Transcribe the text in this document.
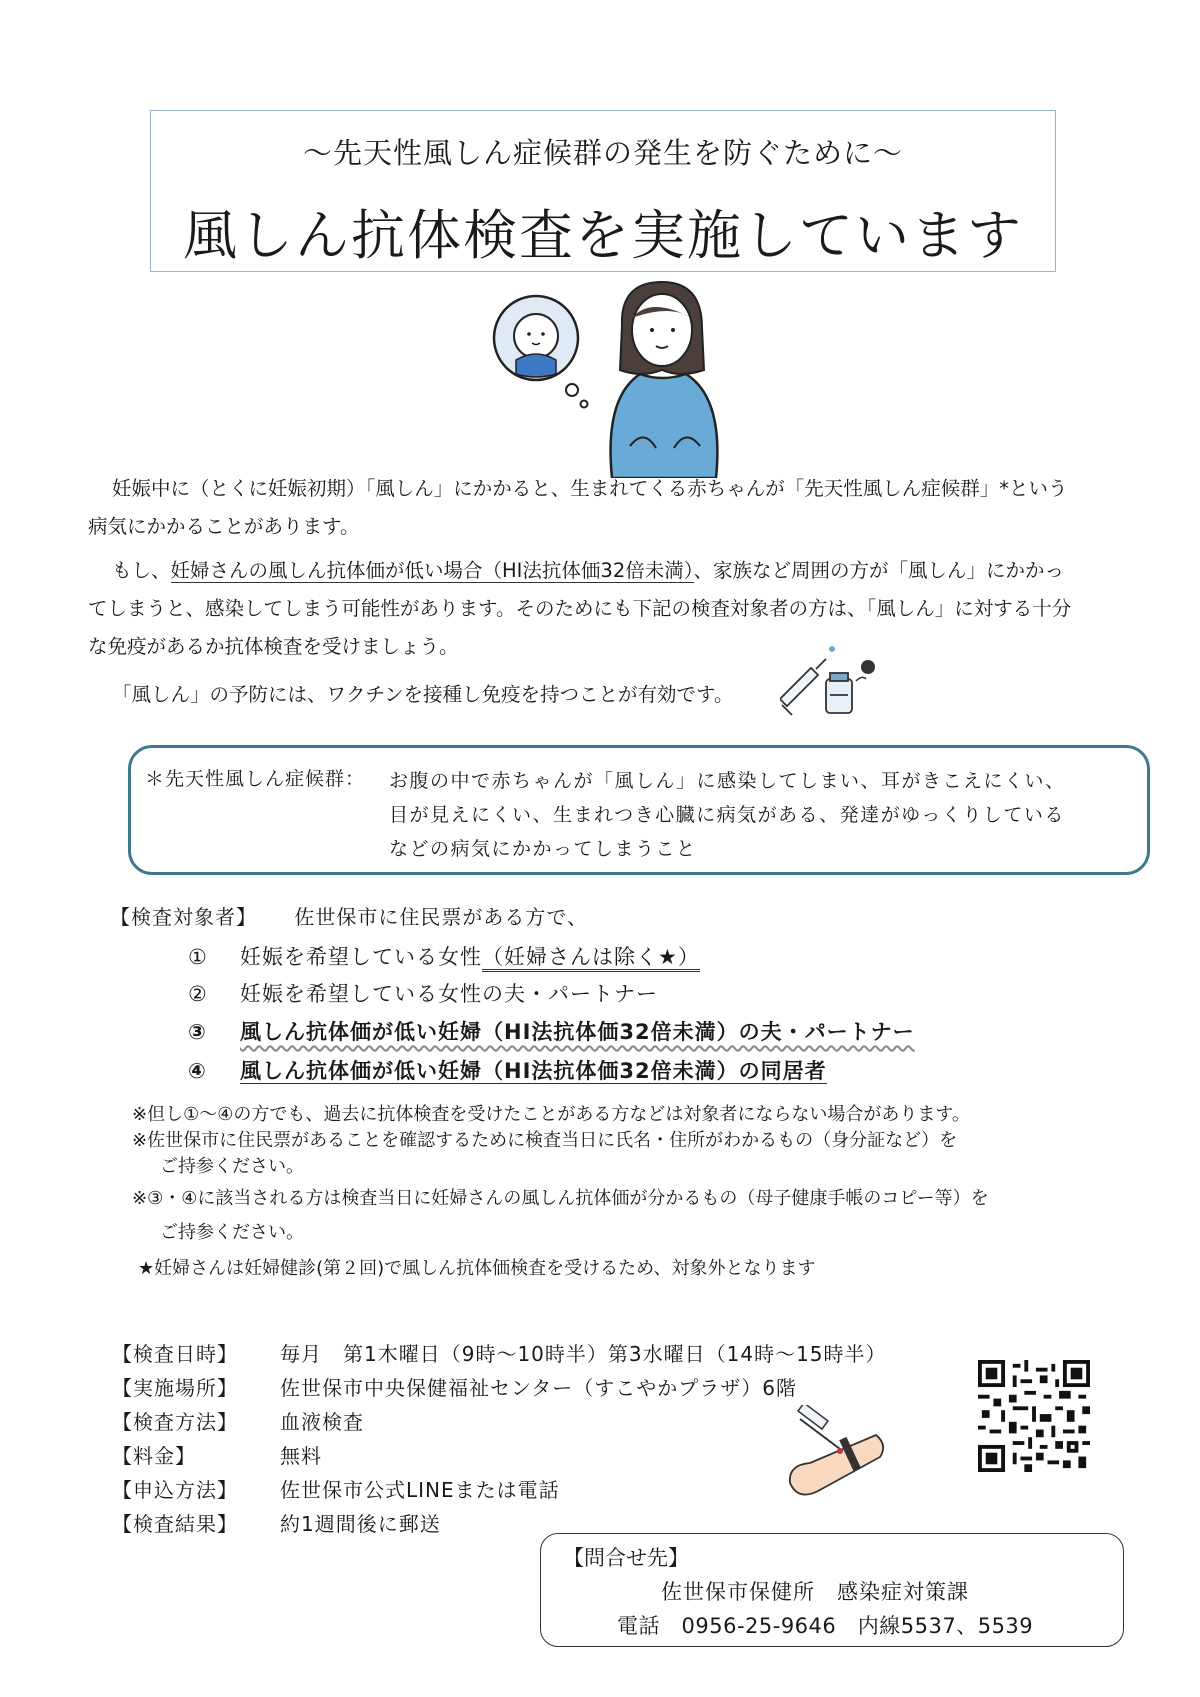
〜先天性風しん症候群の発生を防ぐために〜
風しん抗体検査を実施しています
妊娠中に（とくに妊娠初期）「風しん」にかかると、生まれてくる赤ちゃんが「先天性風しん症候群」*という
病気にかかることがあります。
もし、妊婦さんの風しん抗体価が低い場合（HI法抗体価32倍未満）、家族など周囲の方が「風しん」にかかっ
てしまうと、感染してしまう可能性があります。そのためにも下記の検査対象者の方は、「風しん」に対する十分
な免疫があるか抗体検査を受けましょう。
「風しん」の予防には、ワクチンを接種し免疫を持つことが有効です。
＊先天性風しん症候群： お腹の中で赤ちゃんが「風しん」に感染してしまい、耳がきこえにくい、
目が見えにくい、生まれつき心臓に病気がある、発達がゆっくりしている
などの病気にかかってしまうこと
【検査対象者】 佐世保市に住民票がある方で、
① 妊娠を希望している女性（妊婦さんは除く★）
② 妊娠を希望している女性の夫・パートナー
③ 風しん抗体価が低い妊婦（HI法抗体価32倍未満）の夫・パートナー
④ 風しん抗体価が低い妊婦（HI法抗体価32倍未満）の同居者
※但し①〜④の方でも、過去に抗体検査を受けたことがある方などは対象者にならない場合があります。
※佐世保市に住民票があることを確認するために検査当日に氏名・住所がわかるもの（身分証など）を
ご持参ください。
※③・④に該当される方は検査当日に妊婦さんの風しん抗体価が分かるもの（母子健康手帳のコピー等）を
ご持参ください。
★妊婦さんは妊婦健診(第２回)で風しん抗体価検査を受けるため、対象外となります
【検査日時】 毎月　第1木曜日（9時〜10時半）第3水曜日（14時〜15時半）
【実施場所】 佐世保市中央保健福祉センター（すこやかプラザ）6階
【検査方法】 血液検査
【料金】	無料
【申込方法】 佐世保市公式LINEまたは電話
【検査結果】 約1週間後に郵送
【問合せ先】
佐世保市保健所　感染症対策課
電話　0956-25-9646　内線5537、5539
